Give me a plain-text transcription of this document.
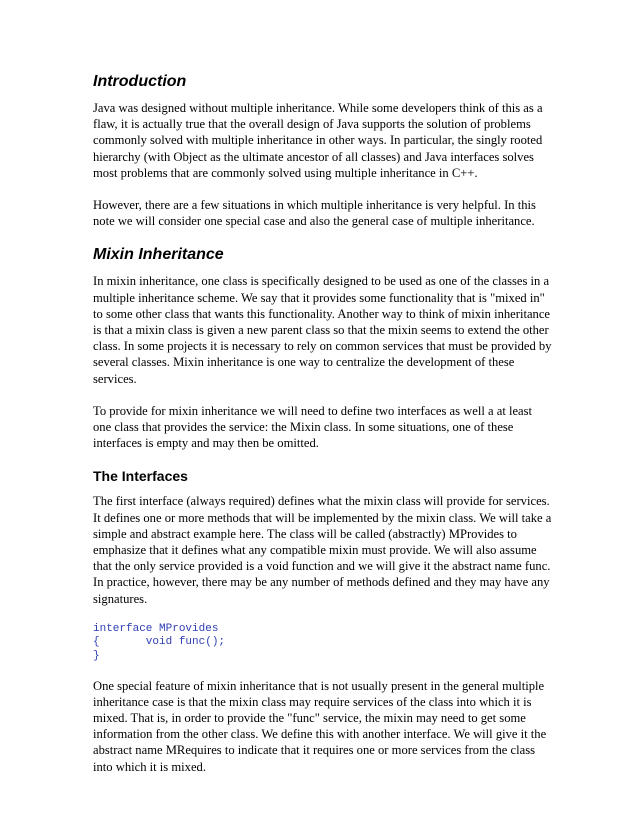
Introduction

Java was designed without multiple inheritance. While some developers think of this as a flaw, it is actually true that the overall design of Java supports the solution of problems commonly solved with multiple inheritance in other ways. In particular, the singly rooted hierarchy (with Object as the ultimate ancestor of all classes) and Java interfaces solves most problems that are commonly solved using multiple inheritance in C++.

However, there are a few situations in which multiple inheritance is very helpful. In this note we will consider one special case and also the general case of multiple inheritance.

Mixin Inheritance

In mixin inheritance, one class is specifically designed to be used as one of the classes in a multiple inheritance scheme. We say that it provides some functionality that is "mixed in" to some other class that wants this functionality. Another way to think of mixin inheritance is that a mixin class is given a new parent class so that the mixin seems to extend the other class. In some projects it is necessary to rely on common services that must be provided by several classes. Mixin inheritance is one way to centralize the development of these services.

To provide for mixin inheritance we will need to define two interfaces as well a at least one class that provides the service: the Mixin class. In some situations, one of these interfaces is empty and may then be omitted.

The Interfaces

The first interface (always required) defines what the mixin class will provide for services. It defines one or more methods that will be implemented by the mixin class. We will take a simple and abstract example here. The class will be called (abstractly) MProvides to emphasize that it defines what any compatible mixin must provide. We will also assume that the only service provided is a void function and we will give it the abstract name func. In practice, however, there may be any number of methods defined and they may have any signatures.

interface MProvides
{       void func();
}

One special feature of mixin inheritance that is not usually present in the general multiple inheritance case is that the mixin class may require services of the class into which it is mixed. That is, in order to provide the "func" service, the mixin may need to get some information from the other class. We define this with another interface. We will give it the abstract name MRequires to indicate that it requires one or more services from the class into which it is mixed.
